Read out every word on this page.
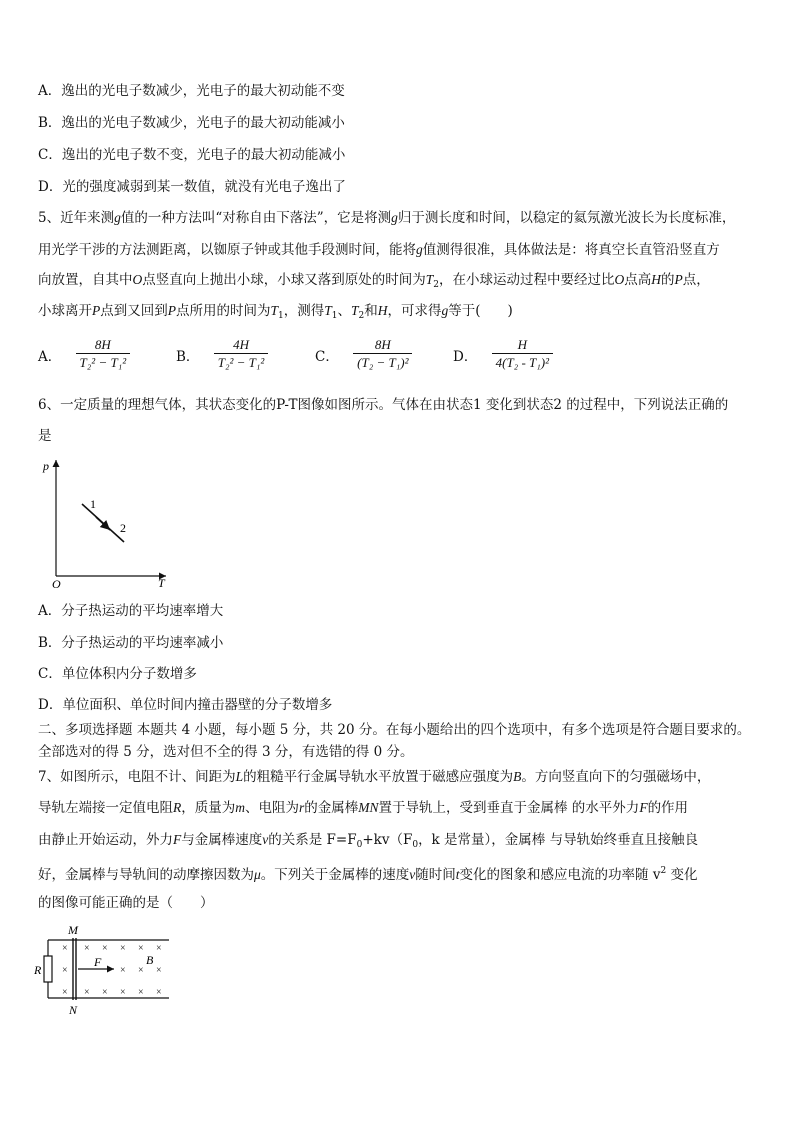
A．逸出的光电子数减少，光电子的最大初动能不变
B．逸出的光电子数减少，光电子的最大初动能减小
C．逸出的光电子数不变，光电子的最大初动能减小
D．光的强度减弱到某一数值，就没有光电子逸出了
5、近年来测g值的一种方法叫“对称自由下落法”，它是将测g归于测长度和时间，以稳定的氦氖激光波长为长度标准，
用光学干涉的方法测距离，以铷原子钟或其他手段测时间，能将g值测得很准，具体做法是：将真空长直管沿竖直方
向放置，自其中O点竖直向上抛出小球，小球又落到原处的时间为$T_2$，在小球运动过程中要经过比O点高H的P点，
小球离开P点到又回到P点所用的时间为$T_1$，测得$T_1$、$T_2$和H，可求得g等于(　　)
A． $\frac{8H}{\text{T₂² − T₁²}}$	B． $\frac{4H}{\text{T₂² − T₁²}}$	C． $\frac{8H}{\text{(T₂ − T₁)²}}$	D． $\frac{H}{\text{4(T₂ - T₁)²}}$
6、一定质量的理想气体，其状态变化的P-T图像如图所示。气体在由状态1 变化到状态2 的过程中，下列说法正确的
是
p
T
O
1
2
A．分子热运动的平均速率增大
B．分子热运动的平均速率减小
C．单位体积内分子数增多
D．单位面积、单位时间内撞击器壁的分子数增多
二、多项选择题 本题共 4 小题，每小题 5 分，共 20 分。在每小题给出的四个选项中，有多个选项是符合题目要求的。
全部选对的得 5 分，选对但不全的得 3 分，有选错的得 0 分。
7、如图所示，电阻不计、间距为L的粗糙平行金属导轨水平放置于磁感应强度为B。方向竖直向下的匀强磁场中，
导轨左端接一定值电阻R，质量为m、电阻为r的金属棒MN置于导轨上，受到垂直于金属棒 的水平外力F的作用
由静止开始运动，外力F与金属棒速度v的关系是 $F=F_0+kv(F_0$，k 是常量），金属棒 与导轨始终垂直且接触良
好，金属棒与导轨间的动摩擦因数为μ。下列关于金属棒的速度v随时间t变化的图象和感应电流的功率随 $v^2$ 变化
的图像可能正确的是（　　）
R
M
N
F	B
× × × × × ×
×	× × ×
× × × × × ×
